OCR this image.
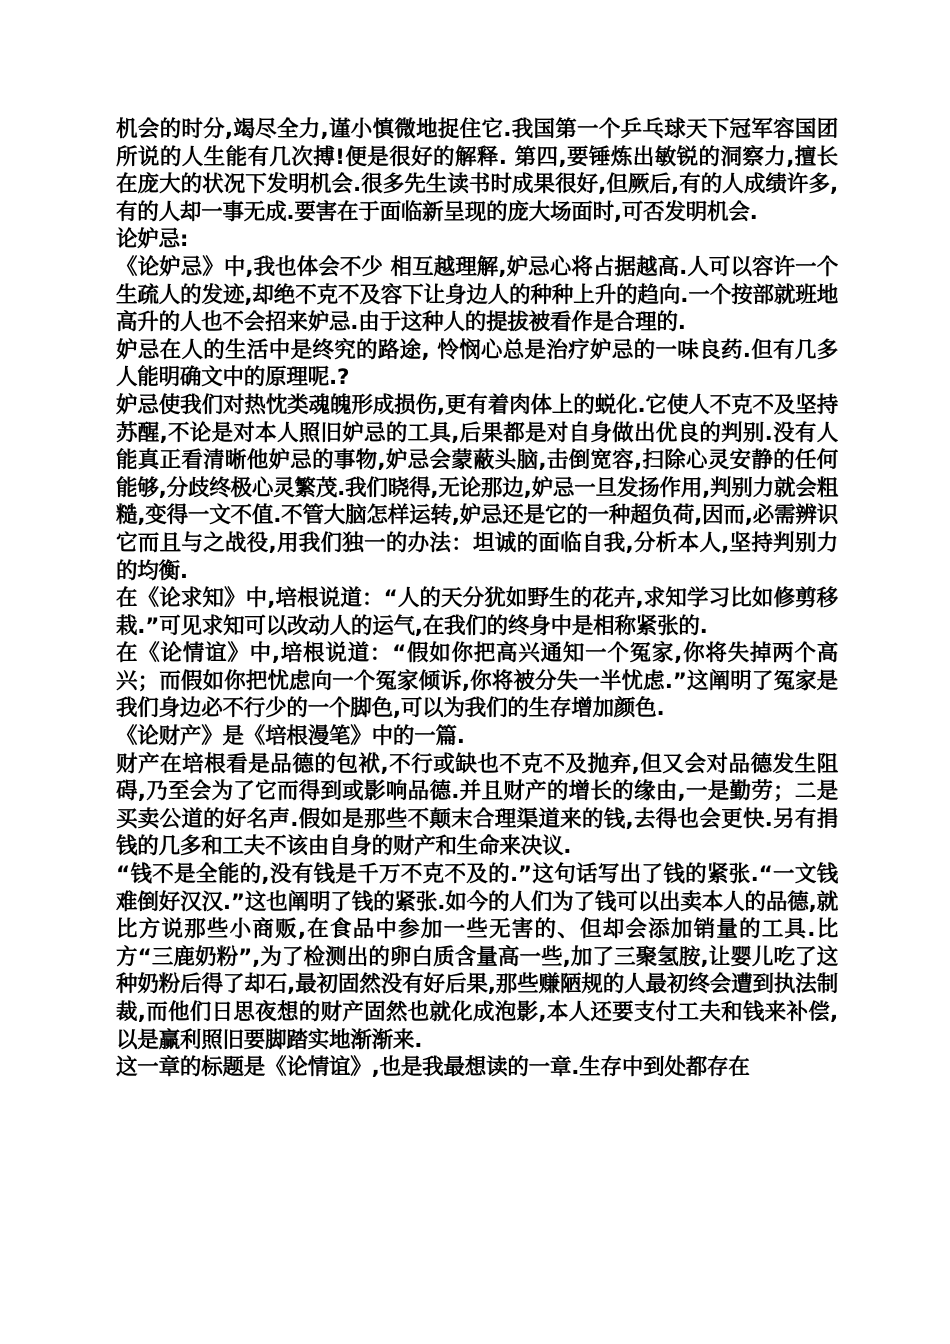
机会的时分,竭尽全力,谨小慎微地捉住它.我国第一个乒乓球天下冠军容国团所说的人生能有几次搏!便是很好的解释. 第四,要锤炼出敏锐的洞察力,擅长在庞大的状况下发明机会.很多先生读书时成果很好,但厥后,有的人成绩许多,有的人却一事无成.要害在于面临新呈现的庞大场面时,可否发明机会.

论妒忌:

《论妒忌》中,我也体会不少 相互越理解,妒忌心将占据越高.人可以容许一个生疏人的发迹,却绝不克不及容下让身边人的种种上升的趋向.一个按部就班地高升的人也不会招来妒忌.由于这种人的提拔被看作是合理的.

妒忌在人的生活中是终究的路途, 怜悯心总是治疗妒忌的一味良药.但有几多人能明确文中的原理呢.?

妒忌使我们对热忱类魂魄形成损伤,更有着肉体上的蜕化.它使人不克不及坚持苏醒,不论是对本人照旧妒忌的工具,后果都是对自身做出优良的判别.没有人能真正看清晰他妒忌的事物,妒忌会蒙蔽头脑,击倒宽容,扫除心灵安静的任何能够,分歧终极心灵繁茂.我们晓得,无论那边,妒忌一旦发扬作用,判别力就会粗糙,变得一文不值.不管大脑怎样运转,妒忌还是它的一种超负荷,因而,必需辨识它而且与之战役,用我们独一的办法：坦诚的面临自我,分析本人,坚持判别力的均衡.

在《论求知》中,培根说道：“人的天分犹如野生的花卉,求知学习比如修剪移栽.”可见求知可以改动人的运气,在我们的终身中是相称紧张的.

在《论情谊》中,培根说道：“假如你把高兴通知一个冤家,你将失掉两个高兴；而假如你把忧虑向一个冤家倾诉,你将被分失一半忧虑.”这阐明了冤家是我们身边必不行少的一个脚色,可以为我们的生存增加颜色.

《论财产》是《培根漫笔》中的一篇.

财产在培根看是品德的包袱,不行或缺也不克不及抛弃,但又会对品德发生阻碍,乃至会为了它而得到或影响品德.并且财产的增长的缘由,一是勤劳；二是买卖公道的好名声.假如是那些不颠末合理渠道来的钱,去得也会更快.另有捐钱的几多和工夫不该由自身的财产和生命来决议.

“钱不是全能的,没有钱是千万不克不及的.”这句话写出了钱的紧张.“一文钱难倒好汉汉.”这也阐明了钱的紧张.如今的人们为了钱可以出卖本人的品德,就比方说那些小商贩,在食品中参加一些无害的、但却会添加销量的工具.比方“三鹿奶粉”,为了检测出的卵白质含量高一些,加了三聚氢胺,让婴儿吃了这种奶粉后得了却石,最初固然没有好后果,那些赚陋规的人最初终会遭到执法制裁,而他们日思夜想的财产固然也就化成泡影,本人还要支付工夫和钱来补偿,以是赢利照旧要脚踏实地渐渐来.

这一章的标题是《论情谊》,也是我最想读的一章.生存中到处都存在
